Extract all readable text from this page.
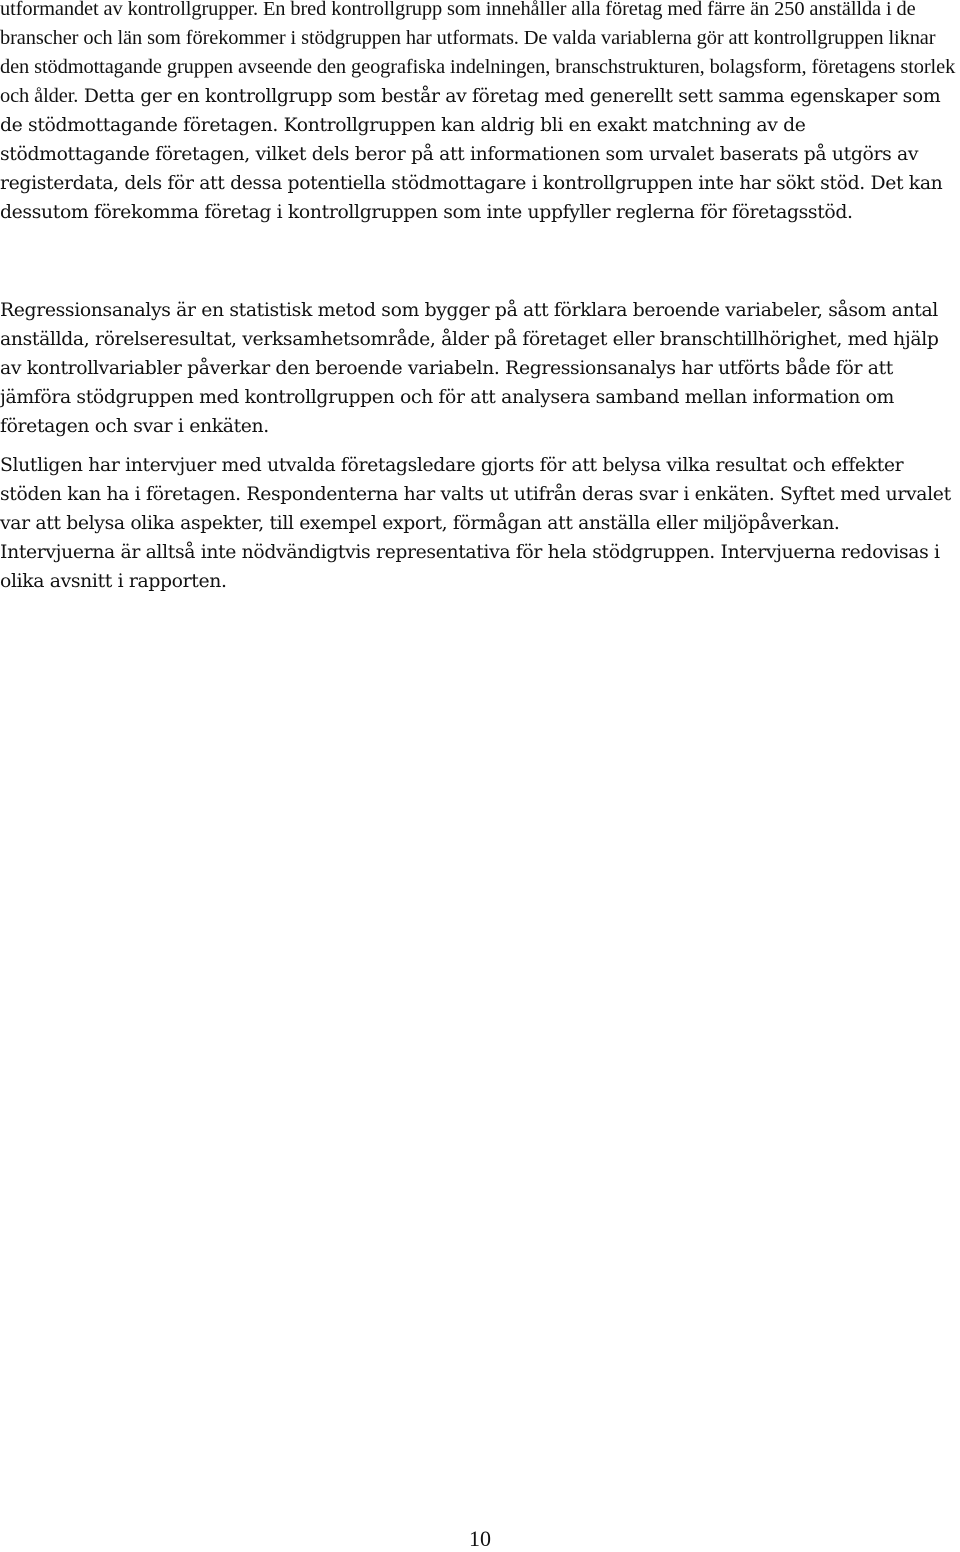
utformandet av kontrollgrupper. En bred kontrollgrupp som innehåller alla företag med färre än 250 anställda i de branscher och län som förekommer i stödgruppen har utformats. De valda variablerna gör att kontrollgruppen liknar den stödmottagande gruppen avseende den geografiska indelningen, branschstrukturen, bolagsform, företagens storlek och ålder. Detta ger en kontrollgrupp som består av företag med generellt sett samma egenskaper som de stödmottagande företagen. Kontrollgruppen kan aldrig bli en exakt matchning av de stödmottagande företagen, vilket dels beror på att informationen som urvalet baserats på utgörs av registerdata, dels för att dessa potentiella stödmottagare i kontrollgruppen inte har sökt stöd. Det kan dessutom förekomma företag i kontrollgruppen som inte uppfyller reglerna för företagsstöd.

Regressionsanalys är en statistisk metod som bygger på att förklara beroende variabeler, såsom antal anställda, rörelseresultat, verksamhetsområde, ålder på företaget eller branschtillhörighet, med hjälp av kontrollvariabler påverkar den beroende variabeln. Regressionsanalys har utförts både för att jämföra stödgruppen med kontrollgruppen och för att analysera samband mellan information om företagen och svar i enkäten.

Slutligen har intervjuer med utvalda företagsledare gjorts för att belysa vilka resultat och effekter stöden kan ha i företagen. Respondenterna har valts ut utifrån deras svar i enkäten. Syftet med urvalet var att belysa olika aspekter, till exempel export, förmågan att anställa eller miljöpåverkan. Intervjuerna är alltså inte nödvändigtvis representativa för hela stödgruppen. Intervjuerna redovisas i olika avsnitt i rapporten.

10
